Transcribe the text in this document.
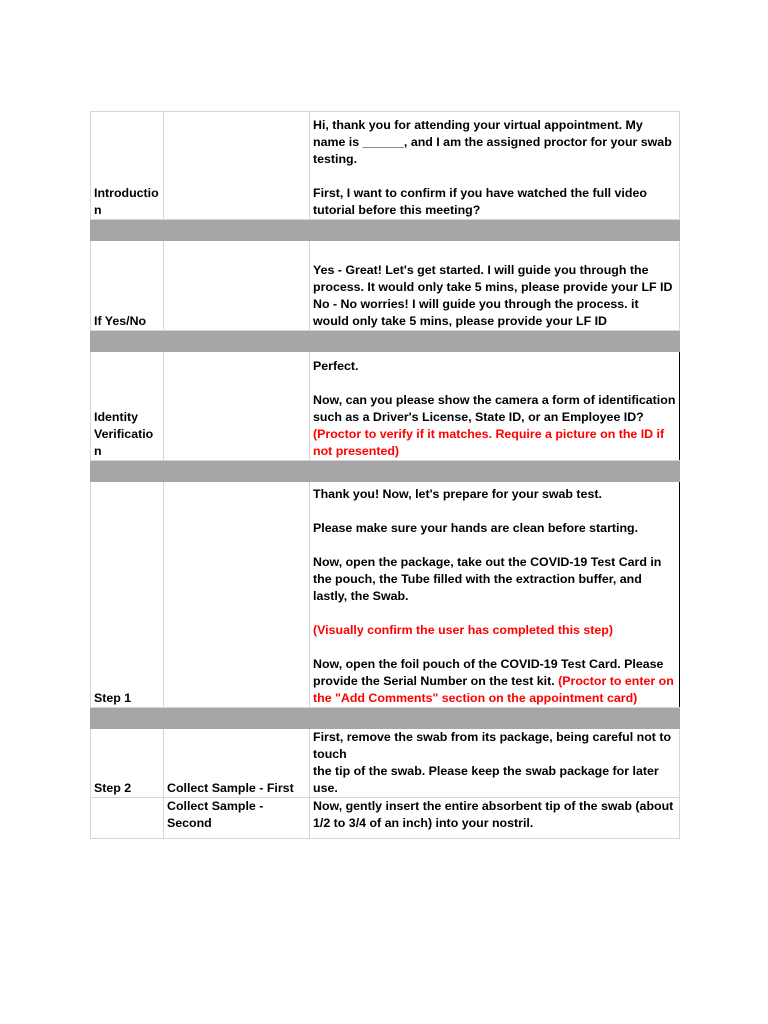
Introduction		Hi, thank you for attending your virtual appointment. My name is ______, and I am the assigned proctor for your swab testing.
First, I want to confirm if you have watched the full video tutorial before this meeting?

If Yes/No		Yes - Great! Let's get started. I will guide you through the process. It would only take 5 mins, please provide your LF ID
No - No worries! I will guide you through the process. it would only take 5 mins, please provide your LF ID

Identity Verification		Perfect.
Now, can you please show the camera a form of identification such as a Driver's License, State ID, or an Employee ID? (Proctor to verify if it matches. Require a picture on the ID if not presented)

Step 1		Thank you! Now, let's prepare for your swab test.
Please make sure your hands are clean before starting.
Now, open the package, take out the COVID-19 Test Card in the pouch, the Tube filled with the extraction buffer, and lastly, the Swab.
(Visually confirm the user has completed this step)
Now, open the foil pouch of the COVID-19 Test Card. Please provide the Serial Number on the test kit. (Proctor to enter on the "Add Comments" section on the appointment card)

Step 2	Collect Sample - First	First, remove the swab from its package, being careful not to touch
the tip of the swab. Please keep the swab package for later use.

	Collect Sample - Second	Now, gently insert the entire absorbent tip of the swab (about 1/2 to 3/4 of an inch) into your nostril.
